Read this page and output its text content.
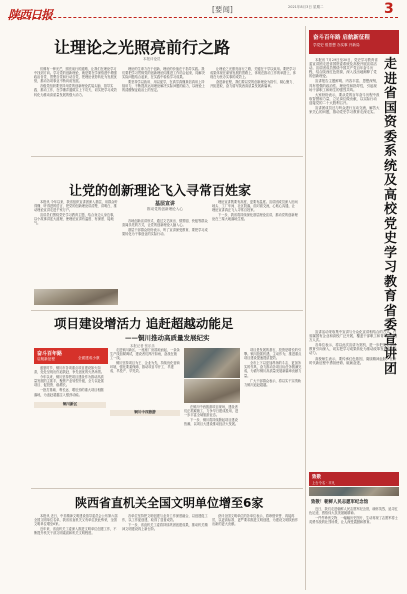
陕西日报	[要闻]	2021年8月3日 星期二	3
让理论之光照亮前行之路
本报评论员

仿佛有一种光芒，照亮前行的道路，让我们在理论学习中找到方向。学习党的创新理论，就是要在学深悟透中增强政治自觉、思想自觉和行动自觉，把理论优势转化为发展优势，推动各项事业不断向前发展。

各级党组织要坚持用党的创新理论武装头脑、指导实践、推动工作，在学懂弄通做实上下功夫，切实把学习成效转化为推动高质量发展的强大动力。

理论的生命力在于创新，理论的价值在于指导实践。我们要把学习贯彻党的创新理论同推进工作结合起来，同解决实际问题结合起来，在实践中检验学习成果。

要坚持学以致用、用以促学，在真学真懂真信真用上持续用力，不断提高运用理论解决实际问题的能力，以理论上的清醒保证政治上的坚定。

让理论之光照亮前行之路，关键在于学以致用。要把学习成果体现在谋划发展的思路上，体现在推动工作的举措上，体现在为民办实事的成效上。

奋进新征程，我们要以党的创新理论为指引，凝心聚力、开拓进取，奋力谱写陕西高质量发展新篇章。

让党的创新理论飞入寻常百姓家

本报讯 今年以来，我省组织宣讲团深入基层，用群众听得懂、听得进的语言，把党的创新理论讲清楚、讲明白，推动理论宣讲走进千家万户。

宣讲员们围绕党史学习教育主题，结合身边人身边事，以小故事讲述大道理，使理论宣讲有温度、有深度、接地气。

基层宣讲
推动党的创新理论入心

各地创新宣讲形式，通过文艺演出、情景剧、快板等群众喜闻乐见的方式，让党的创新理论入脑入心。

基层干部群众纷纷表示，听了宣讲深受教育，要把学习成果转化为干事创业的实际行动。

理论宣讲既要有高度，更要有温度。宣讲团成员深入田间地头、工厂车间、社区院落，面对面交流，心贴心沟通，让理论宣讲真正飞入寻常百姓家。

下一步，我省将持续深化基层理论宣讲，推动党的创新理论在三秦大地落地生根。

奋斗百年路 启航新征程
学党史 悟思想 办实事 开新局

本报讯 7月29日至30日，党史学习教育省委宣讲团走进省国资委系统及高校开展宣讲活动。宣讲团成员围绕中国共产党百年奋斗历程，结合陕西红色资源，深入浅出地阐释了党的创新理论。

宣讲报告主题鲜明、内容丰富、思想深刻，具有很强的政治性、理论性和指导性，引起现场干部职工和师生的强烈共鸣。

大家纷纷表示，要从党的百年奋斗历程中汲取智慧和力量，立足岗位做贡献，以实际行动迎接党的二十大胜利召开。

宣讲团成员还与听众进行互动交流，解答大家关心的问题，推动党史学习教育走深走实。

走进省国资委系统及高校党史学习教育省委宣讲团

宣讲活动采取集中宣讲与分众化宣讲相结合的方式，在省属国有企业和高校广泛开展，覆盖干部职工和青年学生数万人次。

各单位表示，将以此次宣讲为契机，进一步把党史学习教育引向深入，切实把学习成果转化为推动改革发展的强大动力。

高校师生表示，要传承红色基因，赓续精神血脉，在新时代新征程中勇担使命、砥砺奋进。

致敬
上台令名 · 平凡
致敬！朝鲜人民志愿军纪念馆

近日，我们走进朝鲜人民志愿军纪念馆，缅怀英烈，追寻红色足迹，感悟伟大抗美援朝精神。

一件件珍贵文物、一幅幅历史图片，生动再现了志愿军将士英勇作战的壮烈场景，让人深受震撼和教育。

项目建设增活力 追赶超越动能足
——铜川推动高质量发展纪实
本报记者 张乐乐
奋斗百年路
启航新征程	全面建成小康

盛夏时节，铜川市各项重点项目建设如火如荼，处处呈现出你追我赶、争先创优的火热场景。

今年以来，铜川坚持把项目建设作为推动高质量发展的主抓手，聚焦产业转型升级，全力以赴抓项目、促投资、稳增长。

一批打基础、利长远、增后劲的重大项目相继落地，为追赶超越注入强劲动能。

铜川新区

走进铜川新区，一座座厂房拔地而起，一条条生产线加紧调试，建设者们挥汗如雨，奋战在施工一线。

铜川坚持项目为王、企业为先，持续优化营商环境，强化要素保障，推动项目早开工、早建成、早投产、早见效。

铜川中西旅游

在铜川中西旅游项目现场，建设者们正抓紧施工，力争早日建成投用，进一步丰富全域旅游业态。

下一步，铜川将持续掀起项目建设热潮，以项目大建设推动经济大发展。

项目是发展的基石，投资是增长的引擎。铜川抢抓机遇，主动作为，推进重点项目建设提速提质提效。

全市上下以更加昂扬的斗志、更加务实的作风，奋力推动各项目标任务圆满完成，为谱写铜川高质量发展新篇章贡献力量。

广大干部群众表示，将以实干实绩助力铜川追赶超越。

陕西省直机关全国文明单位增至6家

本报讯 近日，中央精神文明建设指导委员会公布第六届全国文明单位名单，我省省直机关又有单位获此殊荣，全国文明单位增至6家。

近年来，省直机关工委深入推进文明单位创建工作，不断提升机关干部文明素质和机关文明程度。

各单位坚持把文明创建与业务工作深度融合，以创建促工作，以工作促创建，取得了显著成效。

下一步，省直机关工委将持续巩固创建成果，推动机关精神文明建设再上新台阶。

获评全国文明单位的各单位表示，将珍惜荣誉、再接再厉，以更高标准、更严要求推进文明创建，为建设文明陕西作出新的更大贡献。
